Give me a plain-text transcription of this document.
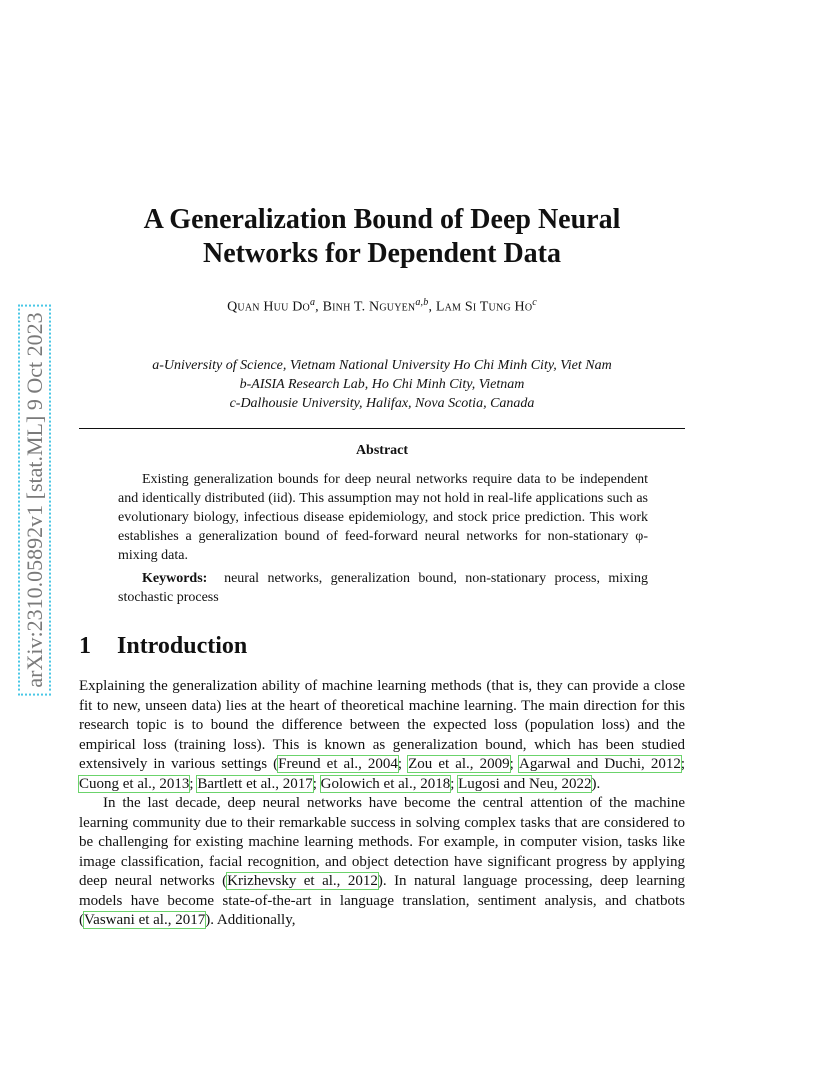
arXiv:2310.05892v1 [stat.ML] 9 Oct 2023
A Generalization Bound of Deep Neural
Networks for Dependent Data
Quan Huu Do$^a$, Binh T. Nguyen$^{a,b}$, Lam Si Tung Ho$^c$
a-University of Science, Vietnam National University Ho Chi Minh City, Viet Nam
b-AISIA Research Lab, Ho Chi Minh City, Vietnam
c-Dalhousie University, Halifax, Nova Scotia, Canada
Abstract

Existing generalization bounds for deep neural networks require data to be independent and identically distributed (iid). This assumption may not hold in real-life applications such as evolutionary biology, infectious disease epidemiology, and stock price prediction. This work establishes a generalization bound of feed-forward neural networks for non-stationary φ-mixing data.

Keywords: neural networks, generalization bound, non-stationary process, mixing stochastic process

1 Introduction

Explaining the generalization ability of machine learning methods (that is, they can provide a close fit to new, unseen data) lies at the heart of theoretical machine learning. The main direction for this research topic is to bound the difference between the expected loss (population loss) and the empirical loss (training loss). This is known as generalization bound, which has been studied extensively in various settings (Freund et al., 2004; Zou et al., 2009; Agarwal and Duchi, 2012; Cuong et al., 2013; Bartlett et al., 2017; Golowich et al., 2018; Lugosi and Neu, 2022).

In the last decade, deep neural networks have become the central attention of the machine learning community due to their remarkable success in solving complex tasks that are considered to be challenging for existing machine learning methods. For example, in computer vision, tasks like image classification, facial recognition, and object detection have significant progress by applying deep neural networks (Krizhevsky et al., 2012). In natural language processing, deep learning models have become state-of-the-art in language translation, sentiment analysis, and chatbots (Vaswani et al., 2017). Additionally,
